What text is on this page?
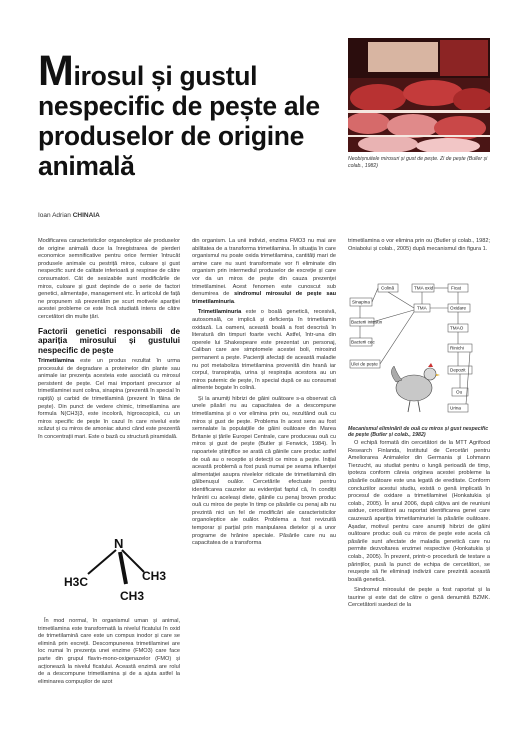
Mirosul și gustul nespecific de pește ale produselor de origine animală
Ioan Adrian CHINAIA
Neobișnuitele mirosuri și gust de pește. Zi de pește (Buller și colab., 1982)

Modificarea caracteristicilor organoleptice ale produselor de origine animală duce la înregistrarea de pierderi economice semnificative pentru orice fermier întrucât produsele animale cu pestriță miros, culoare și gust nespecific sunt de calitate inferioară și respinse de către consumatori. Cât de sesizabile sunt modificările de miros, culoare și gust depinde de o serie de factori genetici, alimentație, management etc. În articolul de față ne propunem să prezentăm pe scurt motivele apariției acestei probleme ce este încă studiată intens de către cercetători din multe țări.

Factorii genetici responsabili de apariția mirosului și gustului nespecific de pește

Trimetilamina este un produs rezultat în urma procesului de degradare a proteinelor din plante sau animale iar prezența acesteia este asociată cu mirosul persistent de pește. Cel mai important precursor al trimetilaminei sunt colina, sinapina (prezentă în special în rapiță) și carbid de trimetilamină (prezent în făina de pește). Din punct de vedere chimic, trimetilamina are formula N(CH3)3, este incoloră, higroscopică, cu un miros specific de pește în cazul în care nivelul este scăzut și cu miros de amoniac atunci când este prezentă în concentrații mari. Este o bază cu structură piramidală.

N
H3C	CH3
CH3

În mod normal, în organismul uman și animal, trimetilamina este transformată la nivelul ficatului în oxid de trimetilamină care este un compus inodor și care se elimină prin excreții. Descompunerea trimetilaminei are loc numai în prezența unei enzime (FMO3) care face parte din grupul flavin-mono-oxigenazelor (FMO) și acționează la nivelul ficatului. Această enzimă are rolul de a descompune trimetilamina și de a ajuta astfel la eliminarea compușilor de azot

din organism. La unii indivizi, enzima FMO3 nu mai are abilitatea de a transforma trimetilamina. În situația în care organismul nu poate oxida trimetilamina, cantități mari de amine care nu sunt transformate vor fi eliminate din organism prin intermediul produselor de excreție și care vor da un miros de pește din cauza prezenței trimetilaminei. Acest fenomen este cunoscut sub denumirea de sindromul mirosului de pește sau trimetilaminuria.

Trimetilaminuria este o boală genetică, recesivă, autosomală, ce implică și deficiența în trimetilamin oxidază. La oameni, această boală a fost descrisă în literatură din timpuri foarte vechi. Astfel, într-una din operele lui Shakespeare este prezentat un personaj, Caliban care are simptomele acestei boli, mirosind permanent a pește. Pacienții afectați de această maladie nu pot metaboliza trimetilamina provenită din hrană iar corpul, transpirația, urina și respirația acestora au un miros puternic de pește, în special după ce au consumat alimente bogate în colină.

Și la anumiți hibrizi de găini ouătoare s-a observat că unele păsări nu au capacitatea de a descompune trimetilamina și o vor elimina prin ou, rezultând ouă cu miros și gust de pește. Problema în acest sens au fost semnalate la populațiile de găini ouătoare din Marea Britanie și țările Europei Centrale, care produceau ouă cu miros și gust de pește (Butler și Fenwick, 1984). În rapoartele științifice se arată că găinile care produc astfel de ouă au o receptie și detecții ce miros a pește. Inițial această problemă a fost pusă numai pe seama influenței alimentației asupra nivelelor ridicate de trimetilamină din gălbenușul ouălor. Cercetările efectuate pentru identificarea cauzelor au evidențiat faptul că, în condiții hrănirii cu aceleași diete, găinile cu penaj brown produc ouă cu miros de pește în timp ce păsările cu penaj alb nu prezintă nici un fel de modificări ale caracteristicilor organoleptice ale ouălor. Problema a fost revizuită temporar și parțial prin manipularea dietelor și a unor programe de hrănire speciale. Păsările care nu au capacitatea de a transforma

trimetilamina o vor elimina prin ou (Butler și colab., 1982; Oniabolui și colab., 2005) după mecanismul din figura 1.

Sinapina
Colină	TMA oxid
Bacterii intestin
Bacterii cec
TMA
Ficat
Oxidare
TMAO
Rinichi
Depozit
Ou
Urina
Ulei de pește
Mecanismul eliminării de ouă cu miros și gust nespecific de pește (Butler și colab., 1982)

O echipă formată din cercetători de la MTT Agrifood Research Finlanda, Institutul de Cercetări pentru Ameliorarea Animalelor din Germania și Lohmann Tierzucht, au studiat pentru o lungă perioadă de timp, ipoteza conform căreia originea acestei probleme la păsările ouătoare este una legată de ereditate. Conform concluziilor acestui studiu, există o genă implicată în procesul de oxidare a trimetilaminei (Honkatukia și colab., 2005). În anul 2006, după câțiva ani de reuniuni asidue, cercetătorii au raportat identificarea genei care cauzează apariția trimetilaminuriei la păsările ouătoare. Așadar, motivul pentru care anumiți hibrizi de găini ouătoare produc ouă cu miros de pește este acela că păsările sunt afectate de maladia genetică care nu permite dezvoltarea enzimei respective (Honkatukia și colab., 2005). În prezent, printr-o procedură de testare a părinților, pusă la punct de echipa de cercetători, se reușește să fie eliminați indivizii care prezintă această boală genetică.

Sindromul mirosului de pește a fost raportat și la taurine și este dat de către o genă denumită BZMK. Cercetătorii suedezi de la
